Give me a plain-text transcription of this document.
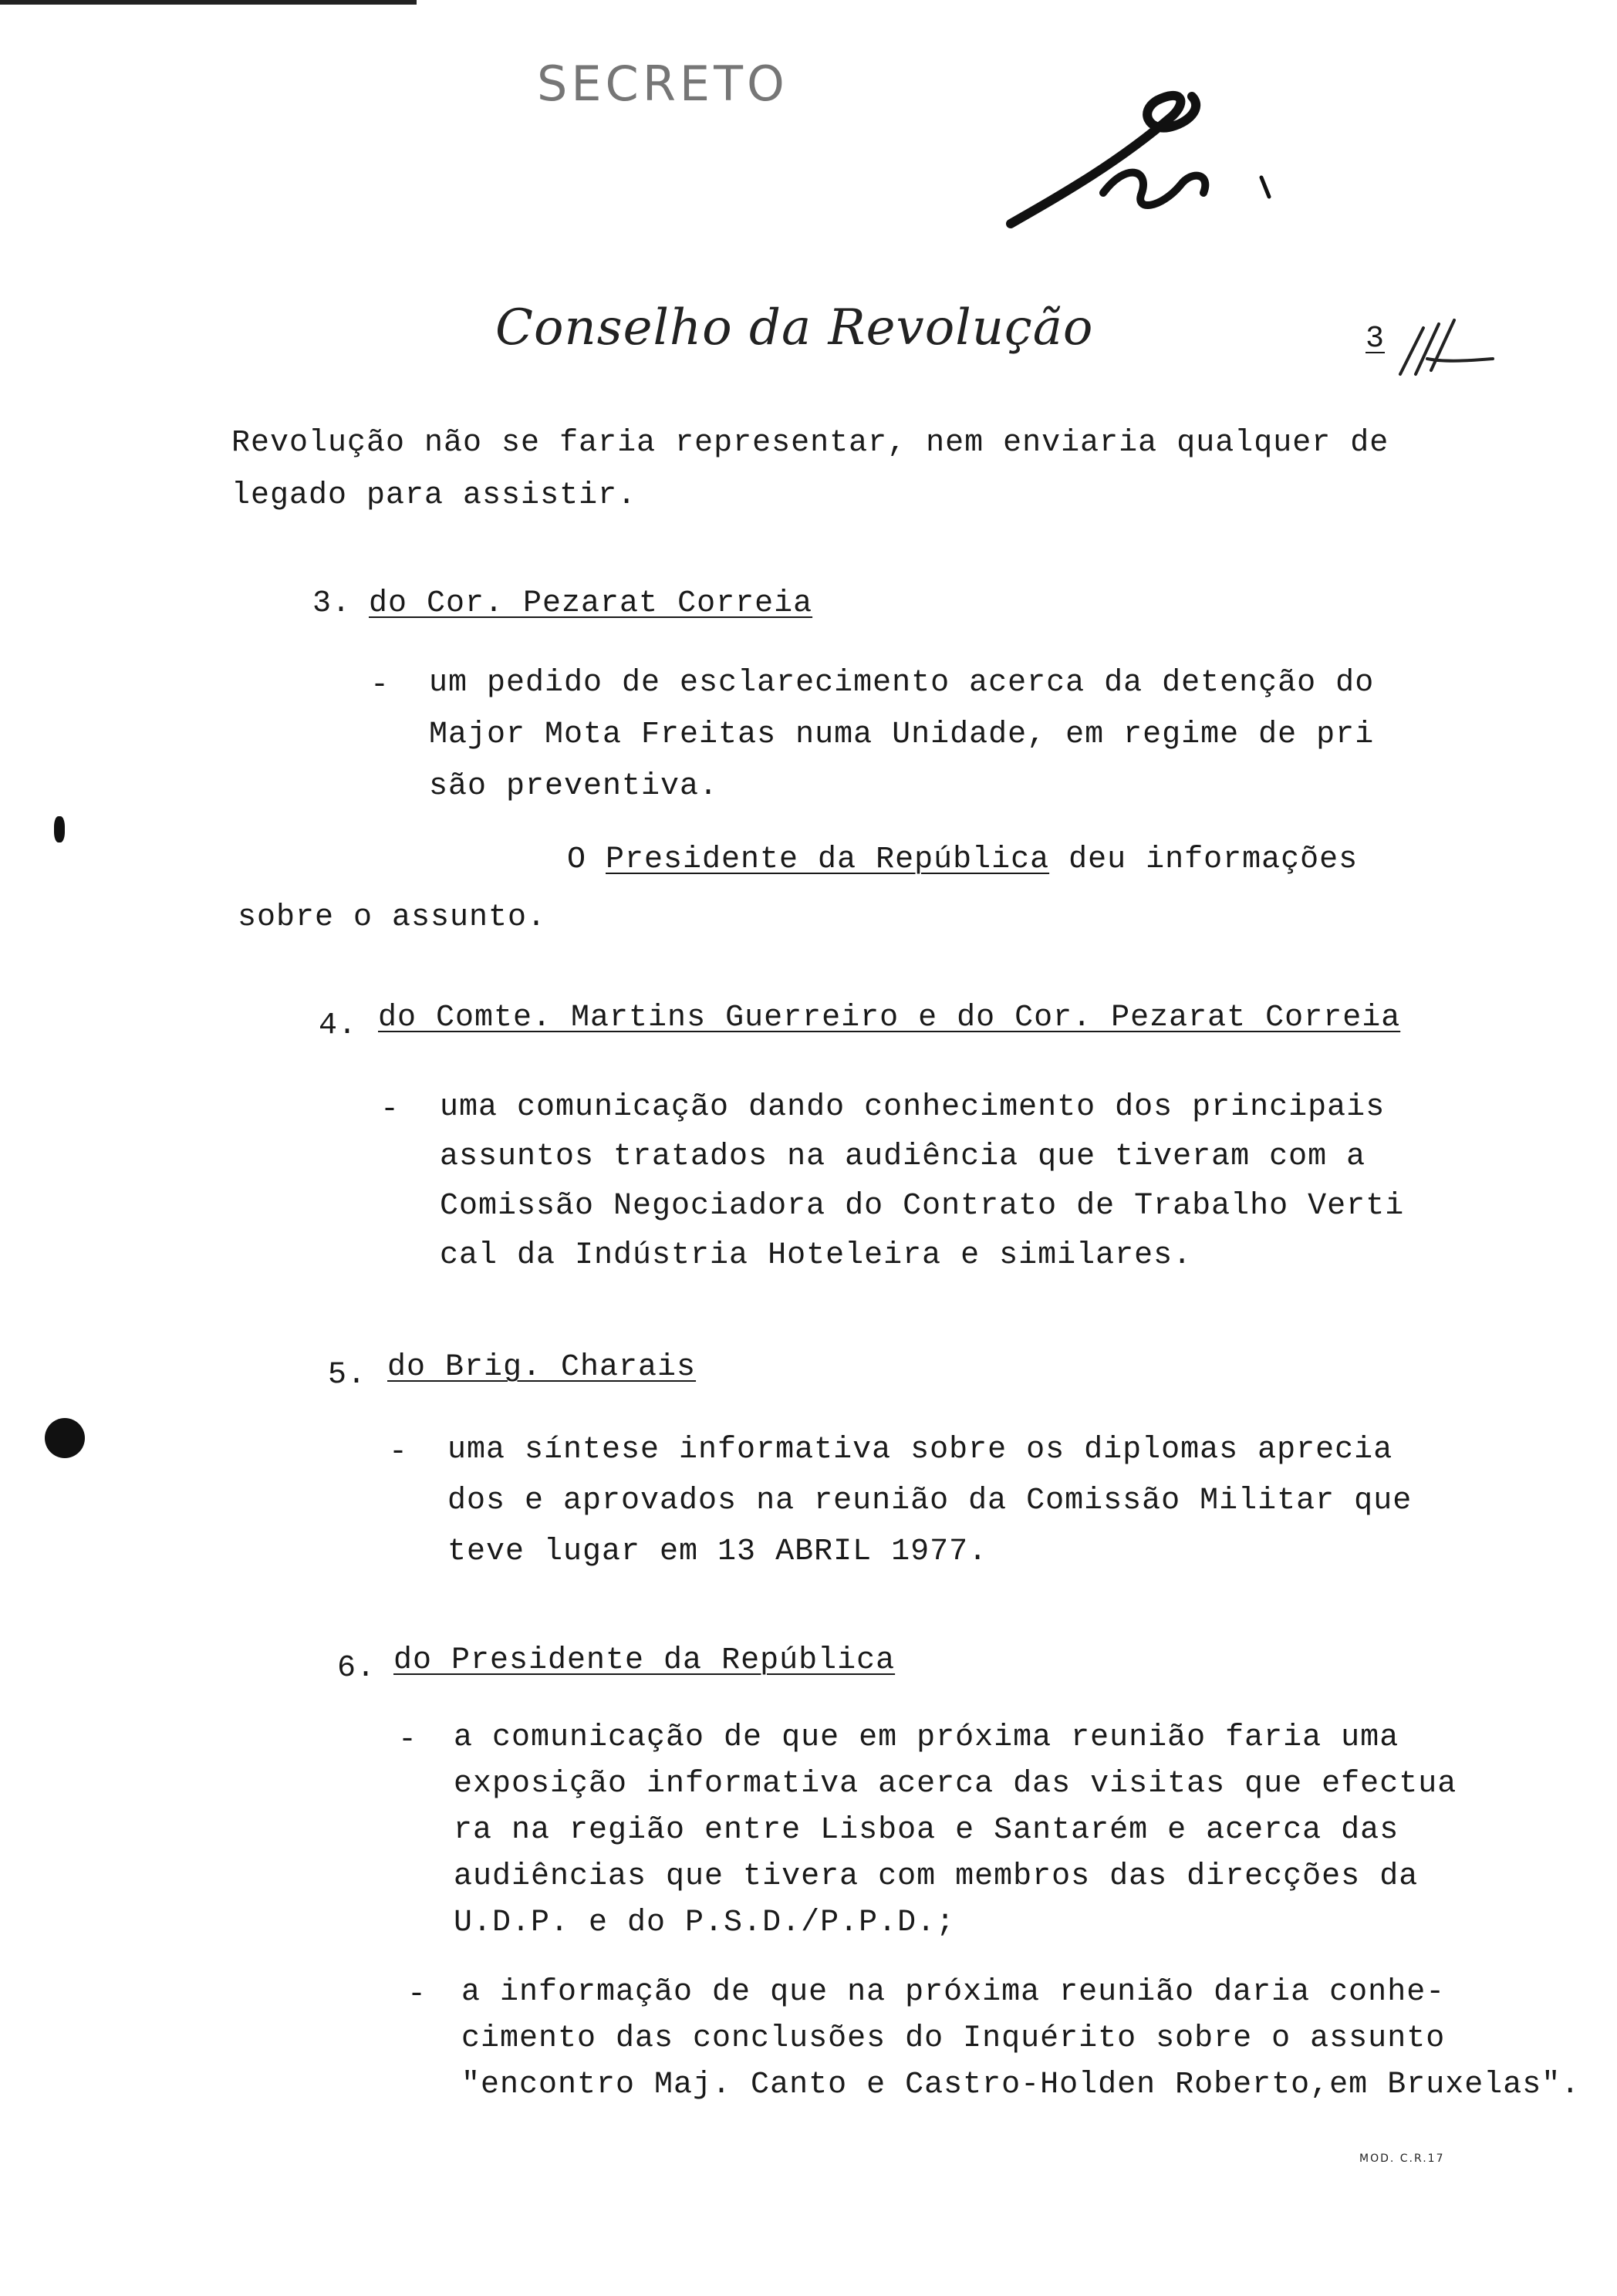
SECRETO
Conselho da Revolução	3
Revolução não se faria representar, nem enviaria qualquer de
legado para assistir.
3. do Cor. Pezarat Correia
- um pedido de esclarecimento acerca da detenção do
Major Mota Freitas numa Unidade, em regime de pri
são preventiva.
O Presidente da República deu informações
sobre o assunto.
4. do Comte. Martins Guerreiro e do Cor. Pezarat Correia
- uma comunicação dando conhecimento dos principais
assuntos tratados na audiência que tiveram com a
Comissão Negociadora do Contrato de Trabalho Verti
cal da Indústria Hoteleira e similares.
5. do Brig. Charais
- uma síntese informativa sobre os diplomas aprecia
dos e aprovados na reunião da Comissão Militar que
teve lugar em 13 ABRIL 1977.
6. do Presidente da República
- a comunicação de que em próxima reunião faria uma
exposição informativa acerca das visitas que efectua
ra na região entre Lisboa e Santarém e acerca das
audiências que tivera com membros das direcções da
U.D.P. e do P.S.D./P.P.D.;
- a informação de que na próxima reunião daria conhe-
cimento das conclusões do Inquérito sobre o assunto
"encontro Maj. Canto e Castro-Holden Roberto,em Bruxelas".
MOD. C.R.17
